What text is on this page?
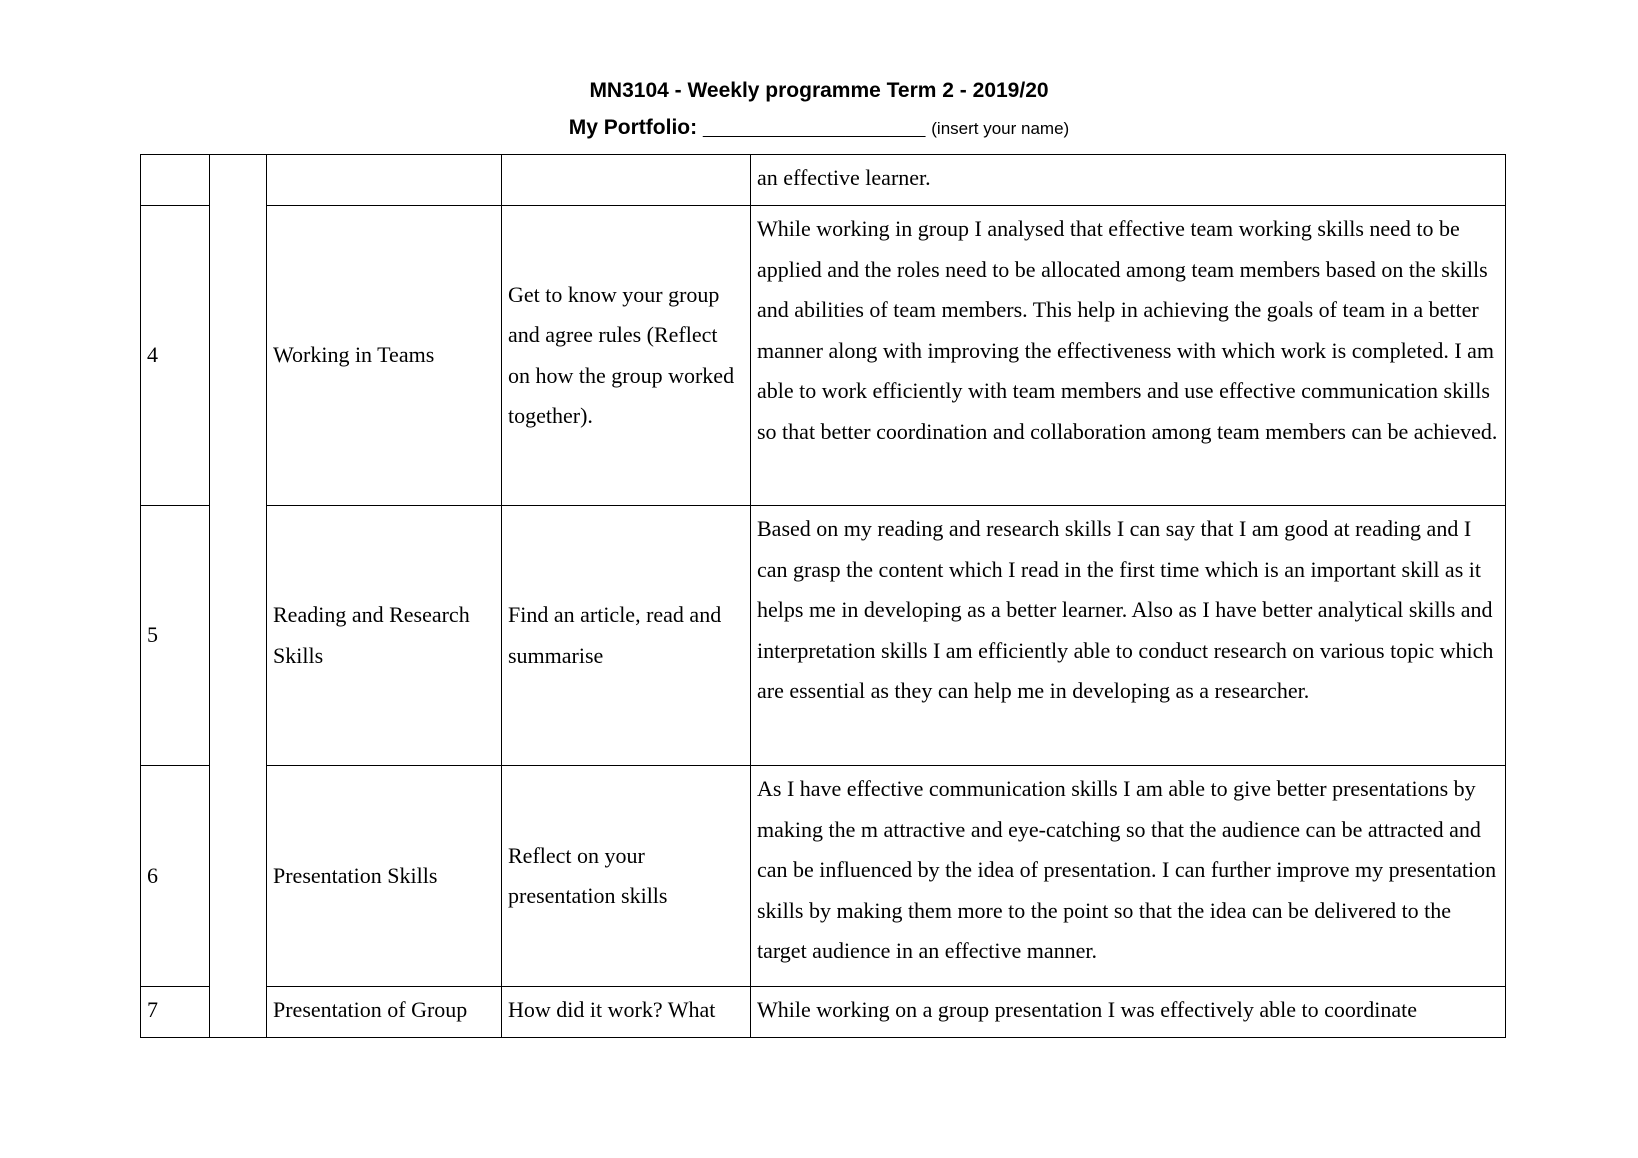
MN3104 - Weekly programme Term 2 - 2019/20
My Portfolio: _________________________ (insert your name)
				an effective learner.
4		Working in Teams	Get to know your group and agree rules (Reflect on how the group worked together).	While working in group I analysed that effective team working skills need to be applied and the roles need to be allocated among team members based on the skills and abilities of team members. This help in achieving the goals of team in a better manner along with improving the effectiveness with which work is completed. I am able to work efficiently with team members and use effective communication skills so that better coordination and collaboration among team members can be achieved.
5		Reading and Research Skills	Find an article, read and summarise	Based on my reading and research skills I can say that I am good at reading and I can grasp the content which I read in the first time which is an important skill as it helps me in developing as a better learner. Also as I have better analytical skills and interpretation skills I am efficiently able to conduct research on various topic which are essential as they can help me in developing as a researcher.
6		Presentation Skills	Reflect on your presentation skills	As I have effective communication skills I am able to give better presentations by making the m attractive and eye-catching so that the audience can be attracted and can be influenced by the idea of presentation. I can further improve my presentation skills by making them more to the point so that the idea can be delivered to the target audience in an effective manner.
7		Presentation of Group	How did it work? What	While working on a group presentation I was effectively able to coordinate
